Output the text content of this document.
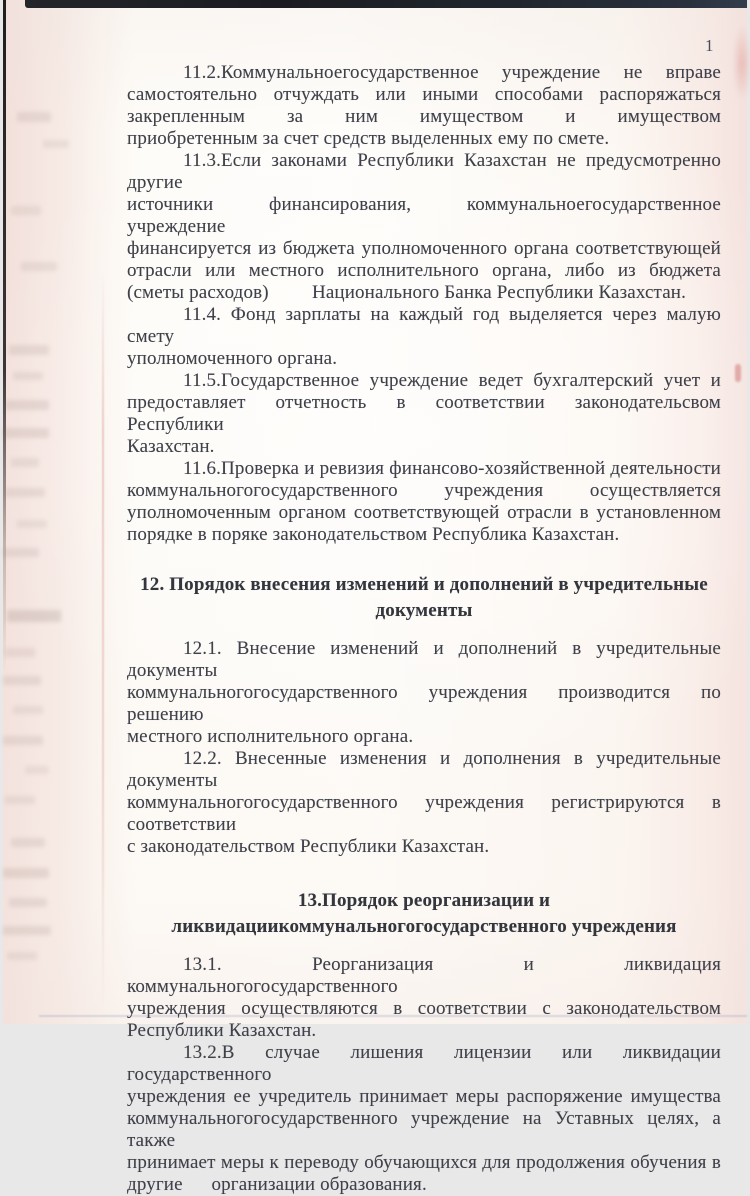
1
11.2.Коммунальноегосударственное учреждение не вправе
самостоятельно отчуждать или иными способами распоряжаться
закрепленным за ним имуществом и имуществом
приобретенным за счет средств выделенных ему по смете.
11.3.Если законами Республики Казахстан не предусмотренно другие
источники финансирования, коммунальноегосударственное учреждение
финансируется из бюджета уполномоченного органа соответствующей
отрасли или местного исполнительного органа, либо из бюджета
(сметы расходов)   Национального Банка Республики Казахстан.
11.4. Фонд зарплаты на каждый год выделяется через малую смету
уполномоченного органа.
11.5.Государственное учреждение ведет бухгалтерский учет и
предоставляет отчетность в соответствии законодательсвом Республики
Казахстан.
11.6.Проверка и ревизия финансово-хозяйственной деятельности
коммунальногогосударственного учреждения осуществляется
уполномоченным органом соответствующей отрасли в установленном
порядке в поряке законодательством Республика Казахстан.
12. Порядок внесения изменений и дополнений в учредительные
документы
12.1. Внесение изменений и дополнений в учредительные документы
коммунальногогосударственного учреждения производится по решению
местного исполнительного органа.
12.2. Внесенные изменения и дополнения в учредительные документы
коммунальногогосударственного учреждения регистрируются в соответствии
с законодательством Республики Казахстан.
13.Порядок реорганизации и
ликвидациикоммунальногогосударственного учреждения
13.1. Реорганизация и ликвидация коммунальногогосударственного
учреждения осуществляются в соответствии с законодательством
Республики Казахстан.
13.2.В случае лишения лицензии или ликвидации государственного
учреждения ее учредитель принимает меры распоряжение имущества
коммунальногогосударственного учреждение на Уставных целях, а также
принимает меры к переводу обучающихся для продолжения обучения в
другие  организации образования.
